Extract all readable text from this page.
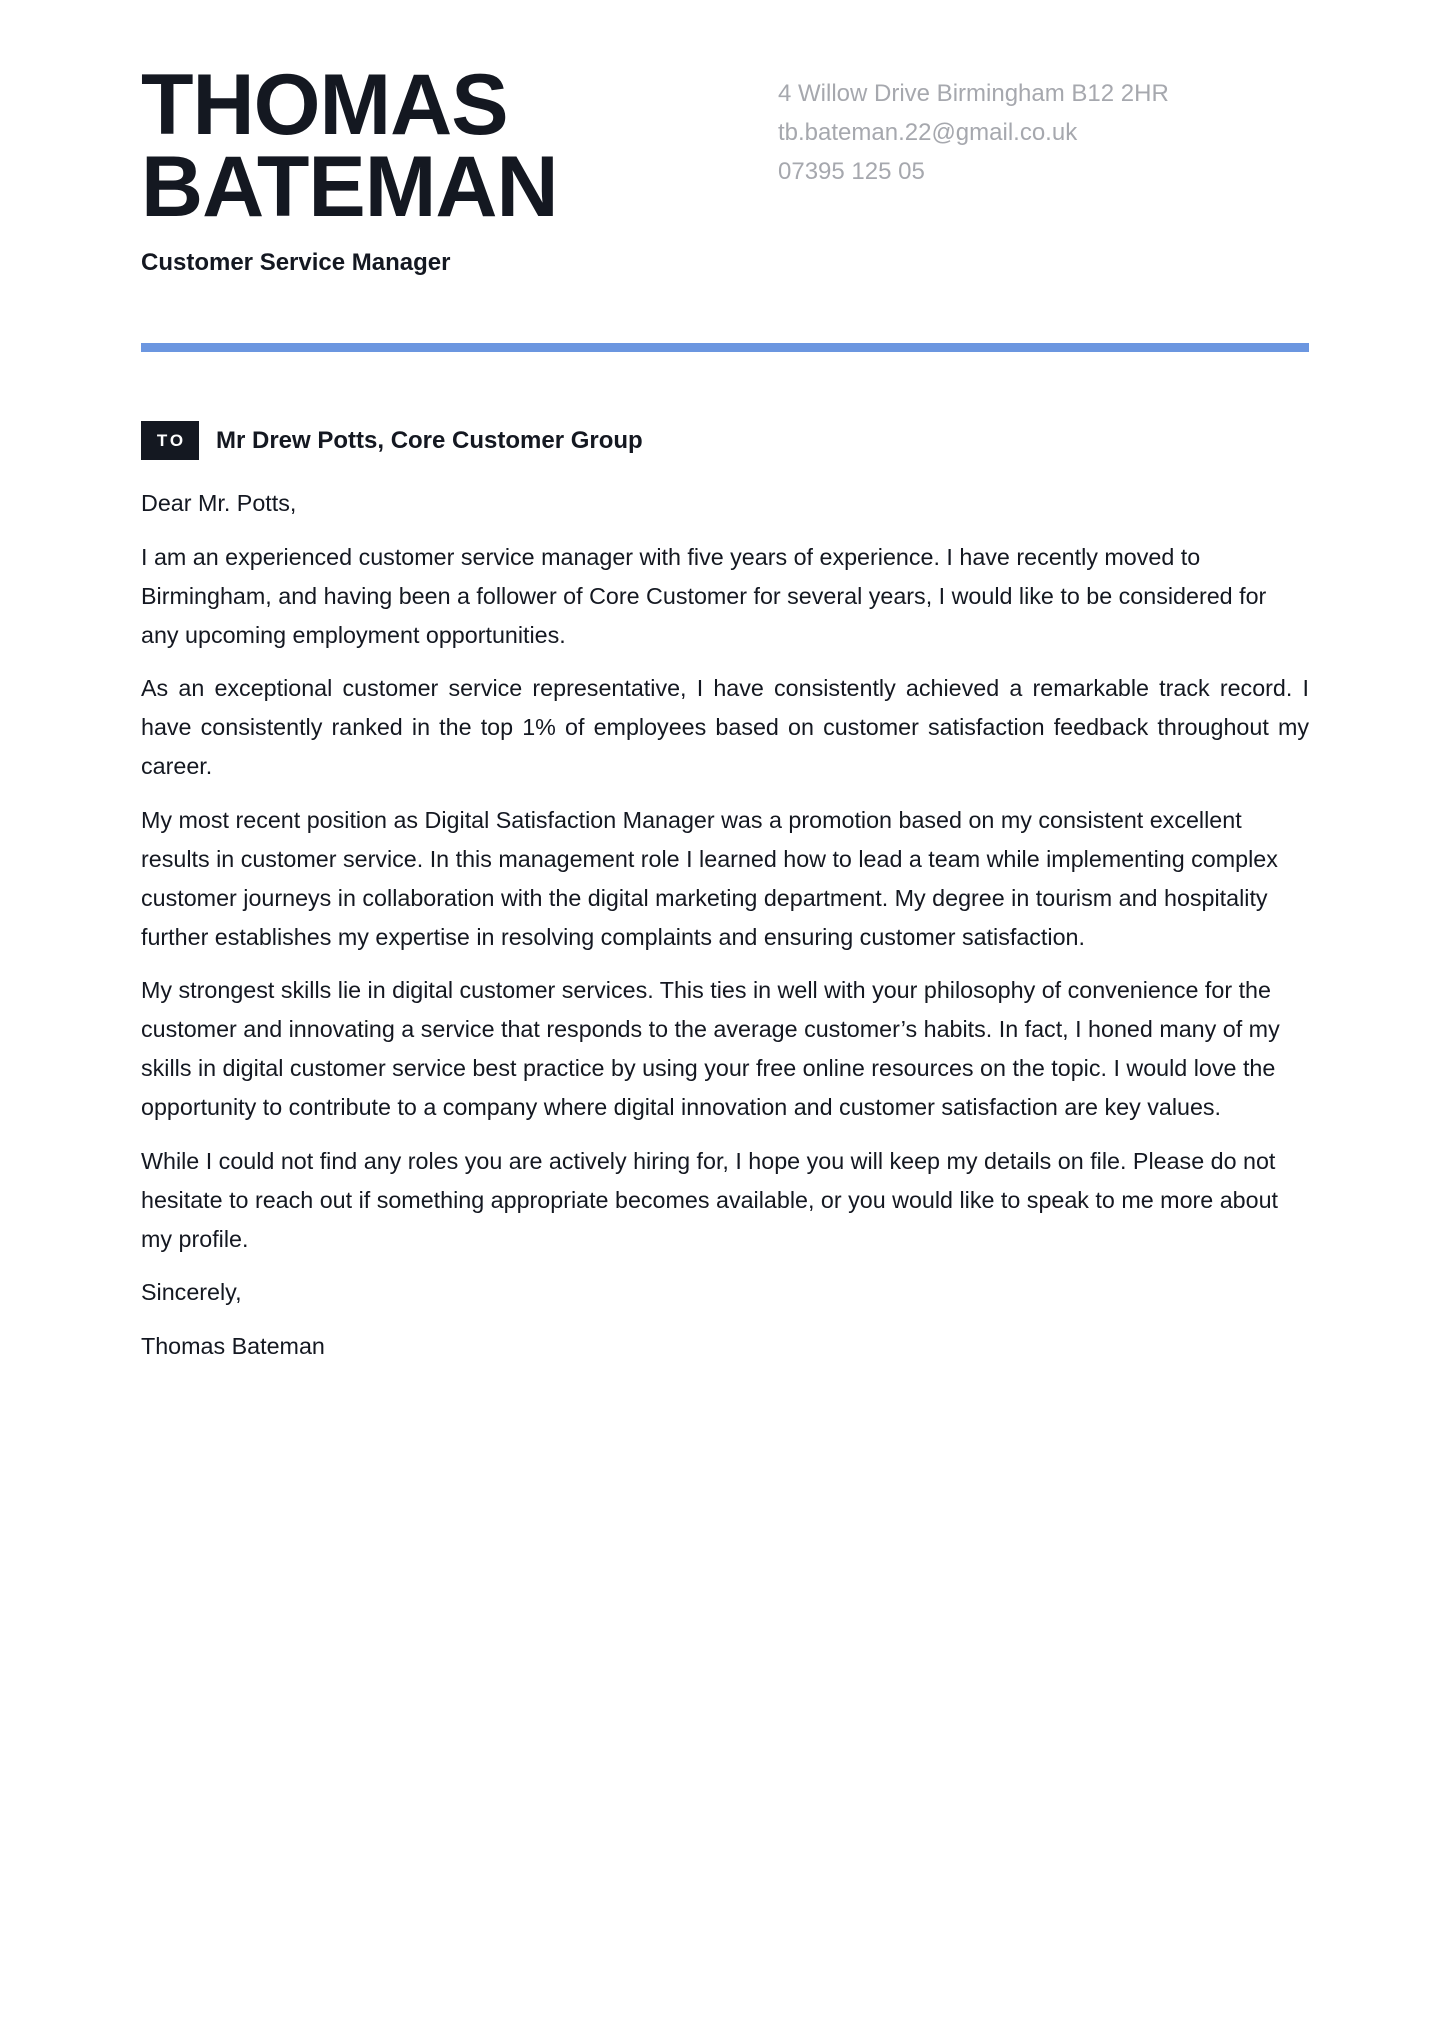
THOMAS
BATEMAN
Customer Service Manager
4 Willow Drive Birmingham B12 2HR
tb.bateman.22@gmail.co.uk
07395 125 05
TO	Mr Drew Potts, Core Customer Group

Dear Mr. Potts,

I am an experienced customer service manager with five years of experience. I have recently moved to Birmingham, and having been a follower of Core Customer for several years, I would like to be considered for any upcoming employment opportunities.

As an exceptional customer service representative, I have consistently achieved a remarkable track record. I have consistently ranked in the top 1% of employees based on customer satisfaction feedback throughout my career.

My most recent position as Digital Satisfaction Manager was a promotion based on my consistent excellent results in customer service. In this management role I learned how to lead a team while implementing complex customer journeys in collaboration with the digital marketing department. My degree in tourism and hospitality further establishes my expertise in resolving complaints and ensuring customer satisfaction.

My strongest skills lie in digital customer services. This ties in well with your philosophy of convenience for the customer and innovating a service that responds to the average customer’s habits. In fact, I honed many of my skills in digital customer service best practice by using your free online resources on the topic. I would love the opportunity to contribute to a company where digital innovation and customer satisfaction are key values.

While I could not find any roles you are actively hiring for, I hope you will keep my details on file. Please do not hesitate to reach out if something appropriate becomes available, or you would like to speak to me more about my profile.

Sincerely,

Thomas Bateman
